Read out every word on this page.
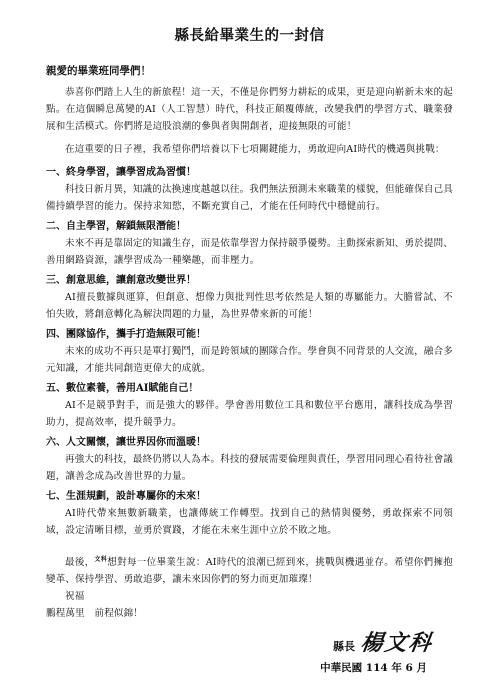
縣長給畢業生的一封信
親愛的畢業班同學們！

恭喜你們踏上人生的新旅程！這一天，不僅是你們努力耕耘的成果，更是迎向嶄新未來的起點。在這個瞬息萬變的AI（人工智慧）時代，科技正顛覆傳統，改變我們的學習方式、職業發展和生活模式。你們將是這股浪潮的參與者與開創者，迎接無限的可能！

在這重要的日子裡，我希望你們培養以下七項關鍵能力，勇敢迎向AI時代的機遇與挑戰：

一、終身學習，讓學習成為習慣！

科技日新月異，知識的汰換速度越越以往。我們無法預測未來職業的樣貌，但能確保自己具備持續學習的能力。保持求知慾，不斷充實自己，才能在任何時代中穩健前行。

二、自主學習，解鎖無限潛能！

未來不再是靠固定的知識生存，而是依靠學習力保持競爭優勢。主動探索新知、勇於提問、善用網路資源，讓學習成為一種樂趣，而非壓力。

三、創意思維，讓創意改變世界！

AI擅長數據與運算，但創意、想像力與批判性思考依然是人類的專屬能力。大膽嘗試、不怕失敗，將創意轉化為解決問題的力量，為世界帶來新的可能！

四、團隊協作，攜手打造無限可能！

未來的成功不再只是單打獨鬥，而是跨領域的團隊合作。學會與不同背景的人交流，融合多元知識，才能共同創造更偉大的成就。

五、數位素養，善用AI賦能自己！

AI不是競爭對手，而是強大的夥伴。學會善用數位工具和數位平台應用，讓科技成為學習助力，提高效率，提升競爭力。

六、人文關懷，讓世界因你而溫暖！

再強大的科技，最終仍將以人為本。科技的發展需要倫理與責任，學習用同理心看待社會議題，讓善念成為改善世界的力量。

七、生涯規劃，設計專屬你的未來！

AI時代帶來無數新職業，也讓傳統工作轉型。找到自己的熱情與優勢，勇敢探索不同領域，設定清晰目標，並勇於實踐，才能在未來生涯中立於不敗之地。

最後，$^{文科}$想對每一位畢業生說：AI時代的浪潮已經到來，挑戰與機遇並存。希望你們擁抱變革、保持學習、勇敢追夢，讓未來因你們的努力而更加璀璨！

祝福

鵬程萬里　前程似錦！

縣長 楊文科
中華民國 114 年 6 月
